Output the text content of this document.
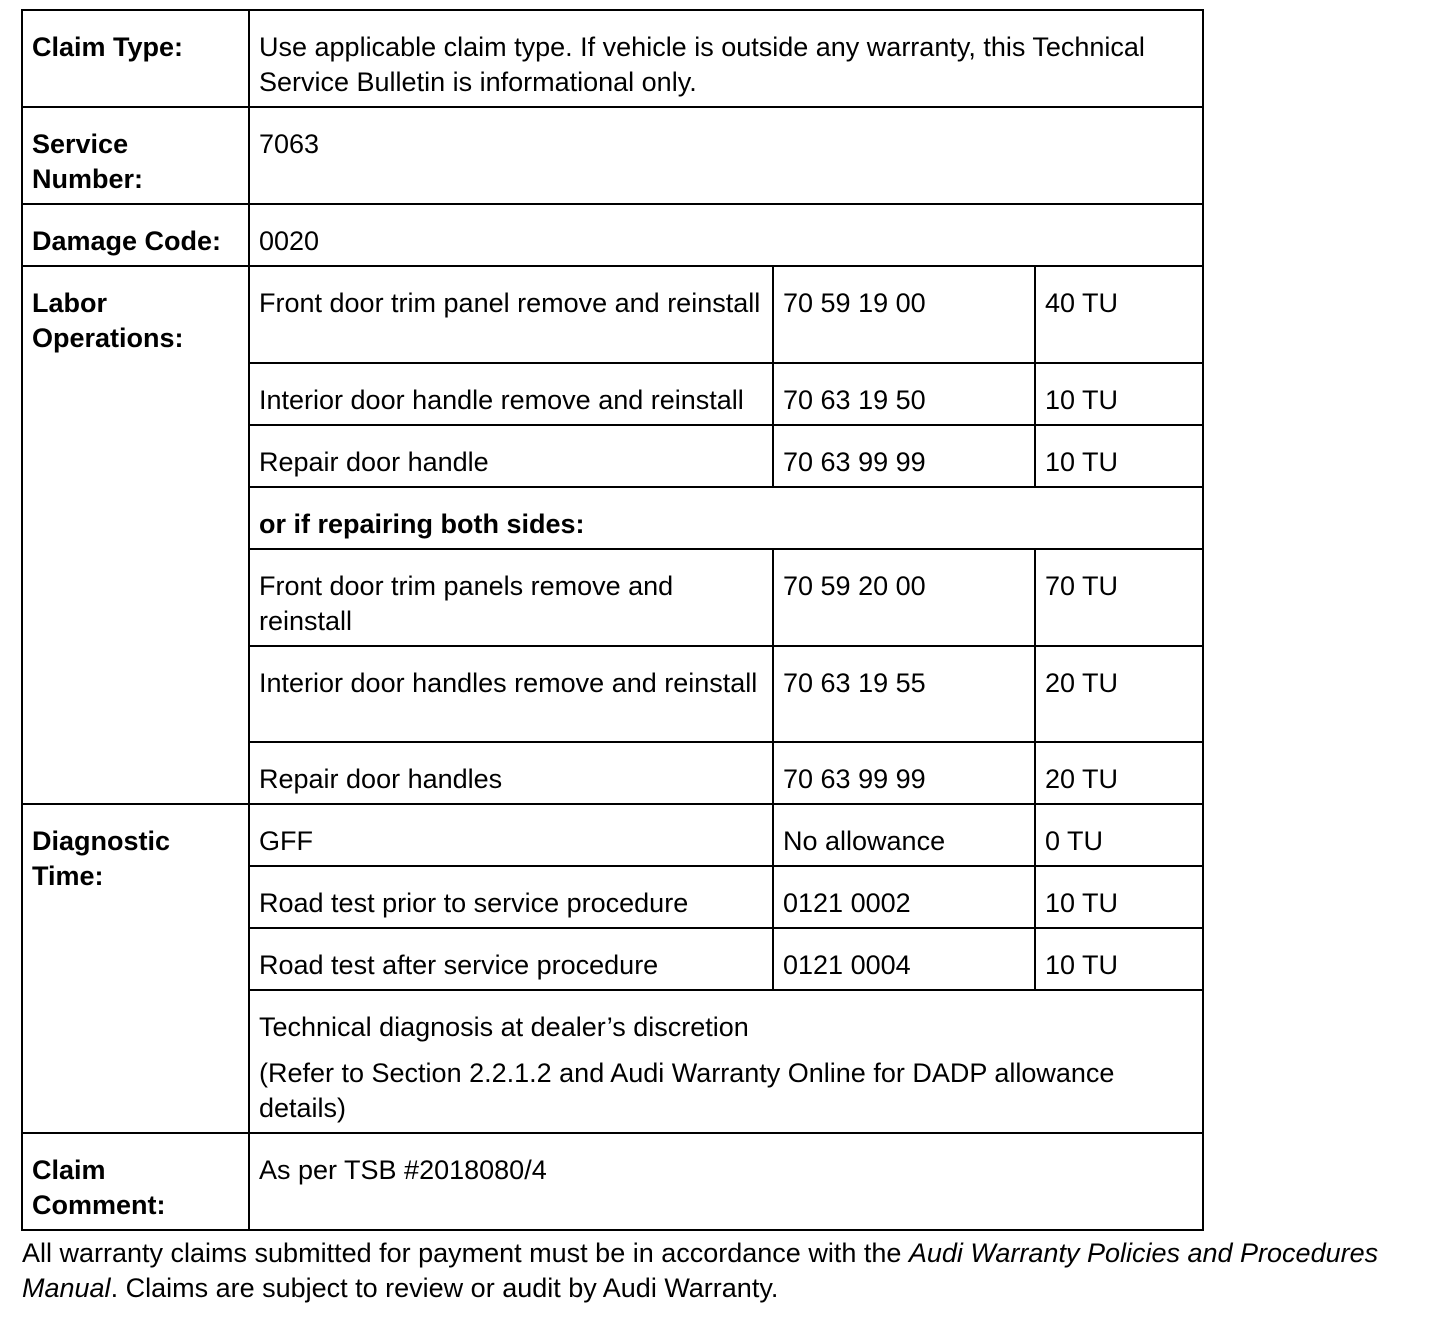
Claim Type:	Use applicable claim type. If vehicle is outside any warranty, this Technical Service Bulletin is informational only.		
Service Number:	7063		
Damage Code:	0020		
Labor Operations:	Front door trim panel remove and reinstall	70 59 19 00	40 TU
	Interior door handle remove and reinstall	70 63 19 50	10 TU
	Repair door handle	70 63 99 99	10 TU
	or if repairing both sides:		
	Front door trim panels remove and reinstall	70 59 20 00	70 TU
	Interior door handles remove and reinstall	70 63 19 55	20 TU
	Repair door handles	70 63 99 99	20 TU
Diagnostic Time:	GFF	No allowance	0 TU
	Road test prior to service procedure	0121 0002	10 TU
	Road test after service procedure	0121 0004	10 TU

	Technical diagnosis at dealer’s discretion
(Refer to Section 2.2.1.2 and Audi Warranty Online for DADP allowance details)		

Claim Comment:	As per TSB #2018080/4		

All warranty claims submitted for payment must be in accordance with the Audi Warranty Policies and Procedures Manual. Claims are subject to review or audit by Audi Warranty.
